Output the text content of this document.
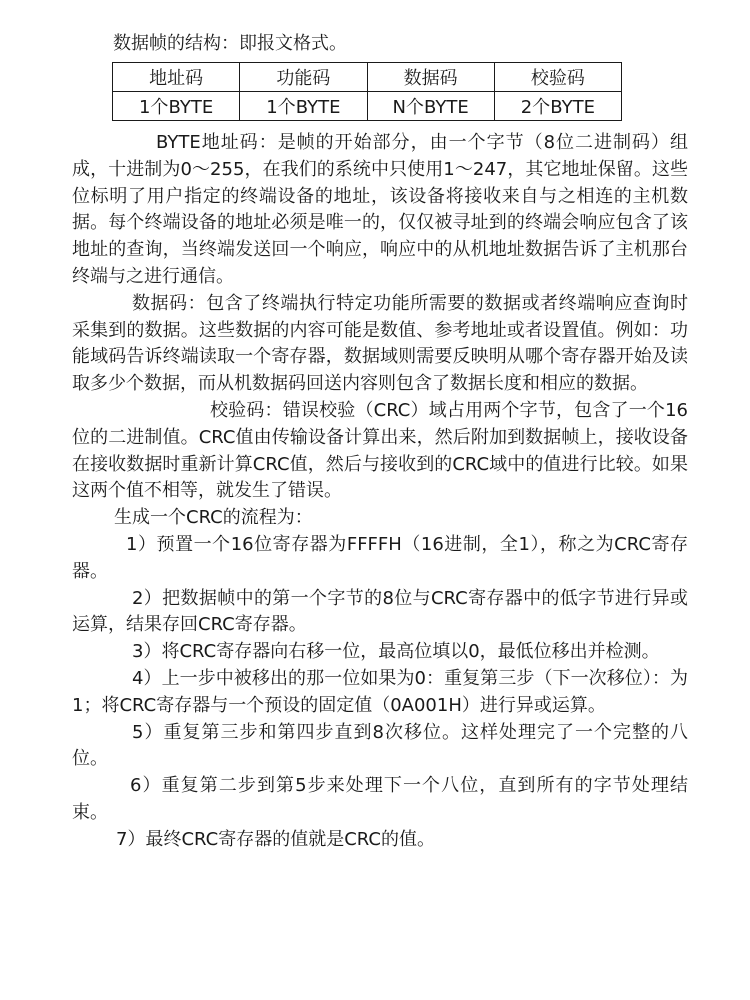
数据帧的结构：即报文格式。
地址码	功能码	数据码	校验码
1个BYTE	1个BYTE	N个BYTE	2个BYTE

BYTE地址码：是帧的开始部分，由一个字节（8位二进制码）组成，十进制为0～255，在我们的系统中只使用1～247，其它地址保留。这些位标明了用户指定的终端设备的地址，该设备将接收来自与之相连的主机数据。每个终端设备的地址必须是唯一的，仅仅被寻址到的终端会响应包含了该地址的查询，当终端发送回一个响应，响应中的从机地址数据告诉了主机那台终端与之进行通信。

数据码：包含了终端执行特定功能所需要的数据或者终端响应查询时采集到的数据。这些数据的内容可能是数值、参考地址或者设置值。例如：功能域码告诉终端读取一个寄存器，数据域则需要反映明从哪个寄存器开始及读取多少个数据，而从机数据码回送内容则包含了数据长度和相应的数据。

校验码：错误校验（CRC）域占用两个字节，包含了一个16位的二进制值。CRC值由传输设备计算出来，然后附加到数据帧上，接收设备在接收数据时重新计算CRC值，然后与接收到的CRC域中的值进行比较。如果这两个值不相等，就发生了错误。

生成一个CRC的流程为：

1）预置一个16位寄存器为FFFFH（16进制，全1），称之为CRC寄存器。

2）把数据帧中的第一个字节的8位与CRC寄存器中的低字节进行异或运算，结果存回CRC寄存器。

3）将CRC寄存器向右移一位，最高位填以0，最低位移出并检测。

4）上一步中被移出的那一位如果为0：重复第三步（下一次移位）：为1；将CRC寄存器与一个预设的固定值（0A001H）进行异或运算。

5）重复第三步和第四步直到8次移位。这样处理完了一个完整的八位。

6）重复第二步到第5步来处理下一个八位，直到所有的字节处理结束。

7）最终CRC寄存器的值就是CRC的值。
